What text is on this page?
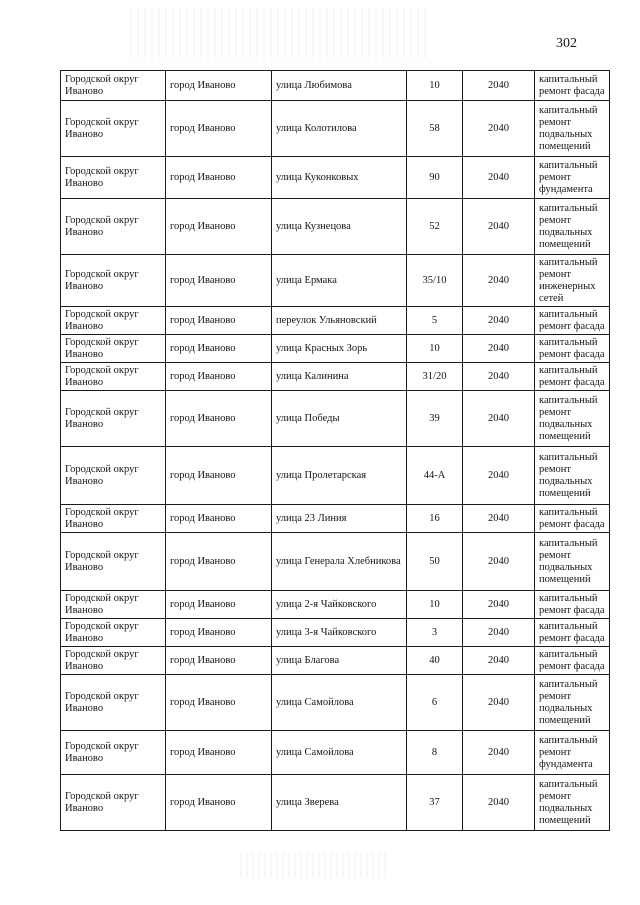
302
Городской округ Иваново	город Иваново	улица Любимова	10	2040	капитальный ремонт фасада
Городской округ Иваново	город Иваново	улица Колотилова	58	2040	капитальный ремонт подвальных помещений
Городской округ Иваново	город Иваново	улица Куконковых	90	2040	капитальный ремонт фундамента
Городской округ Иваново	город Иваново	улица Кузнецова	52	2040	капитальный ремонт подвальных помещений
Городской округ Иваново	город Иваново	улица Ермака	35/10	2040	капитальный ремонт инженерных сетей
Городской округ Иваново	город Иваново	переулок Ульяновский	5	2040	капитальный ремонт фасада
Городской округ Иваново	город Иваново	улица Красных Зорь	10	2040	капитальный ремонт фасада
Городской округ Иваново	город Иваново	улица Калинина	31/20	2040	капитальный ремонт фасада
Городской округ Иваново	город Иваново	улица Победы	39	2040	капитальный ремонт подвальных помещений
Городской округ Иваново	город Иваново	улица Пролетарская	44-А	2040	капитальный ремонт подвальных помещений
Городской округ Иваново	город Иваново	улица 23 Линия	16	2040	капитальный ремонт фасада
Городской округ Иваново	город Иваново	улица Генерала Хлебникова	50	2040	капитальный ремонт подвальных помещений
Городской округ Иваново	город Иваново	улица 2-я Чайковского	10	2040	капитальный ремонт фасада
Городской округ Иваново	город Иваново	улица 3-я Чайковского	3	2040	капитальный ремонт фасада
Городской округ Иваново	город Иваново	улица Благова	40	2040	капитальный ремонт фасада
Городской округ Иваново	город Иваново	улица Самойлова	6	2040	капитальный ремонт подвальных помещений
Городской округ Иваново	город Иваново	улица Самойлова	8	2040	капитальный ремонт фундамента
Городской округ Иваново	город Иваново	улица Зверева	37	2040	капитальный ремонт подвальных помещений
